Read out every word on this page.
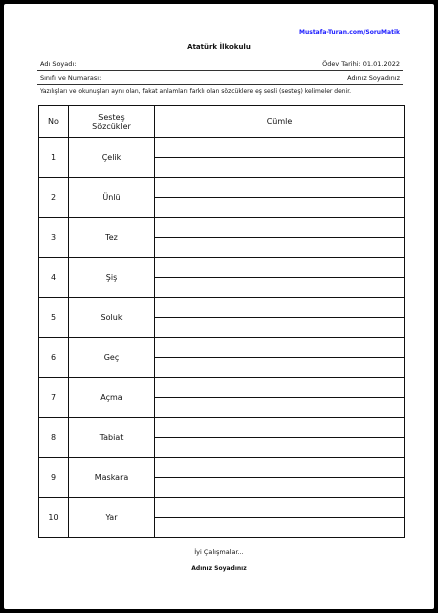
Mustafa-Turan.com/SoruMatik
Atatürk İlkokulu
Adı Soyadı:	Ödev Tarihi: 01.01.2022
Sınıfı ve Numarası:	Adınız Soyadınız
Yazılışları ve okunuşları aynı olan, fakat anlamları farklı olan sözcüklere eş sesli (sesteş) kelimeler denir.
No	Sesteş Sözcükler	Cümle
1	Çelik	

2	Ünlü	

3	Tez	

4	Şiş	

5	Soluk	

6	Geç	

7	Açma	

8	Tabiat	

9	Maskara	

10	Yar	
İyi Çalışmalar...
Adınız Soyadınız
